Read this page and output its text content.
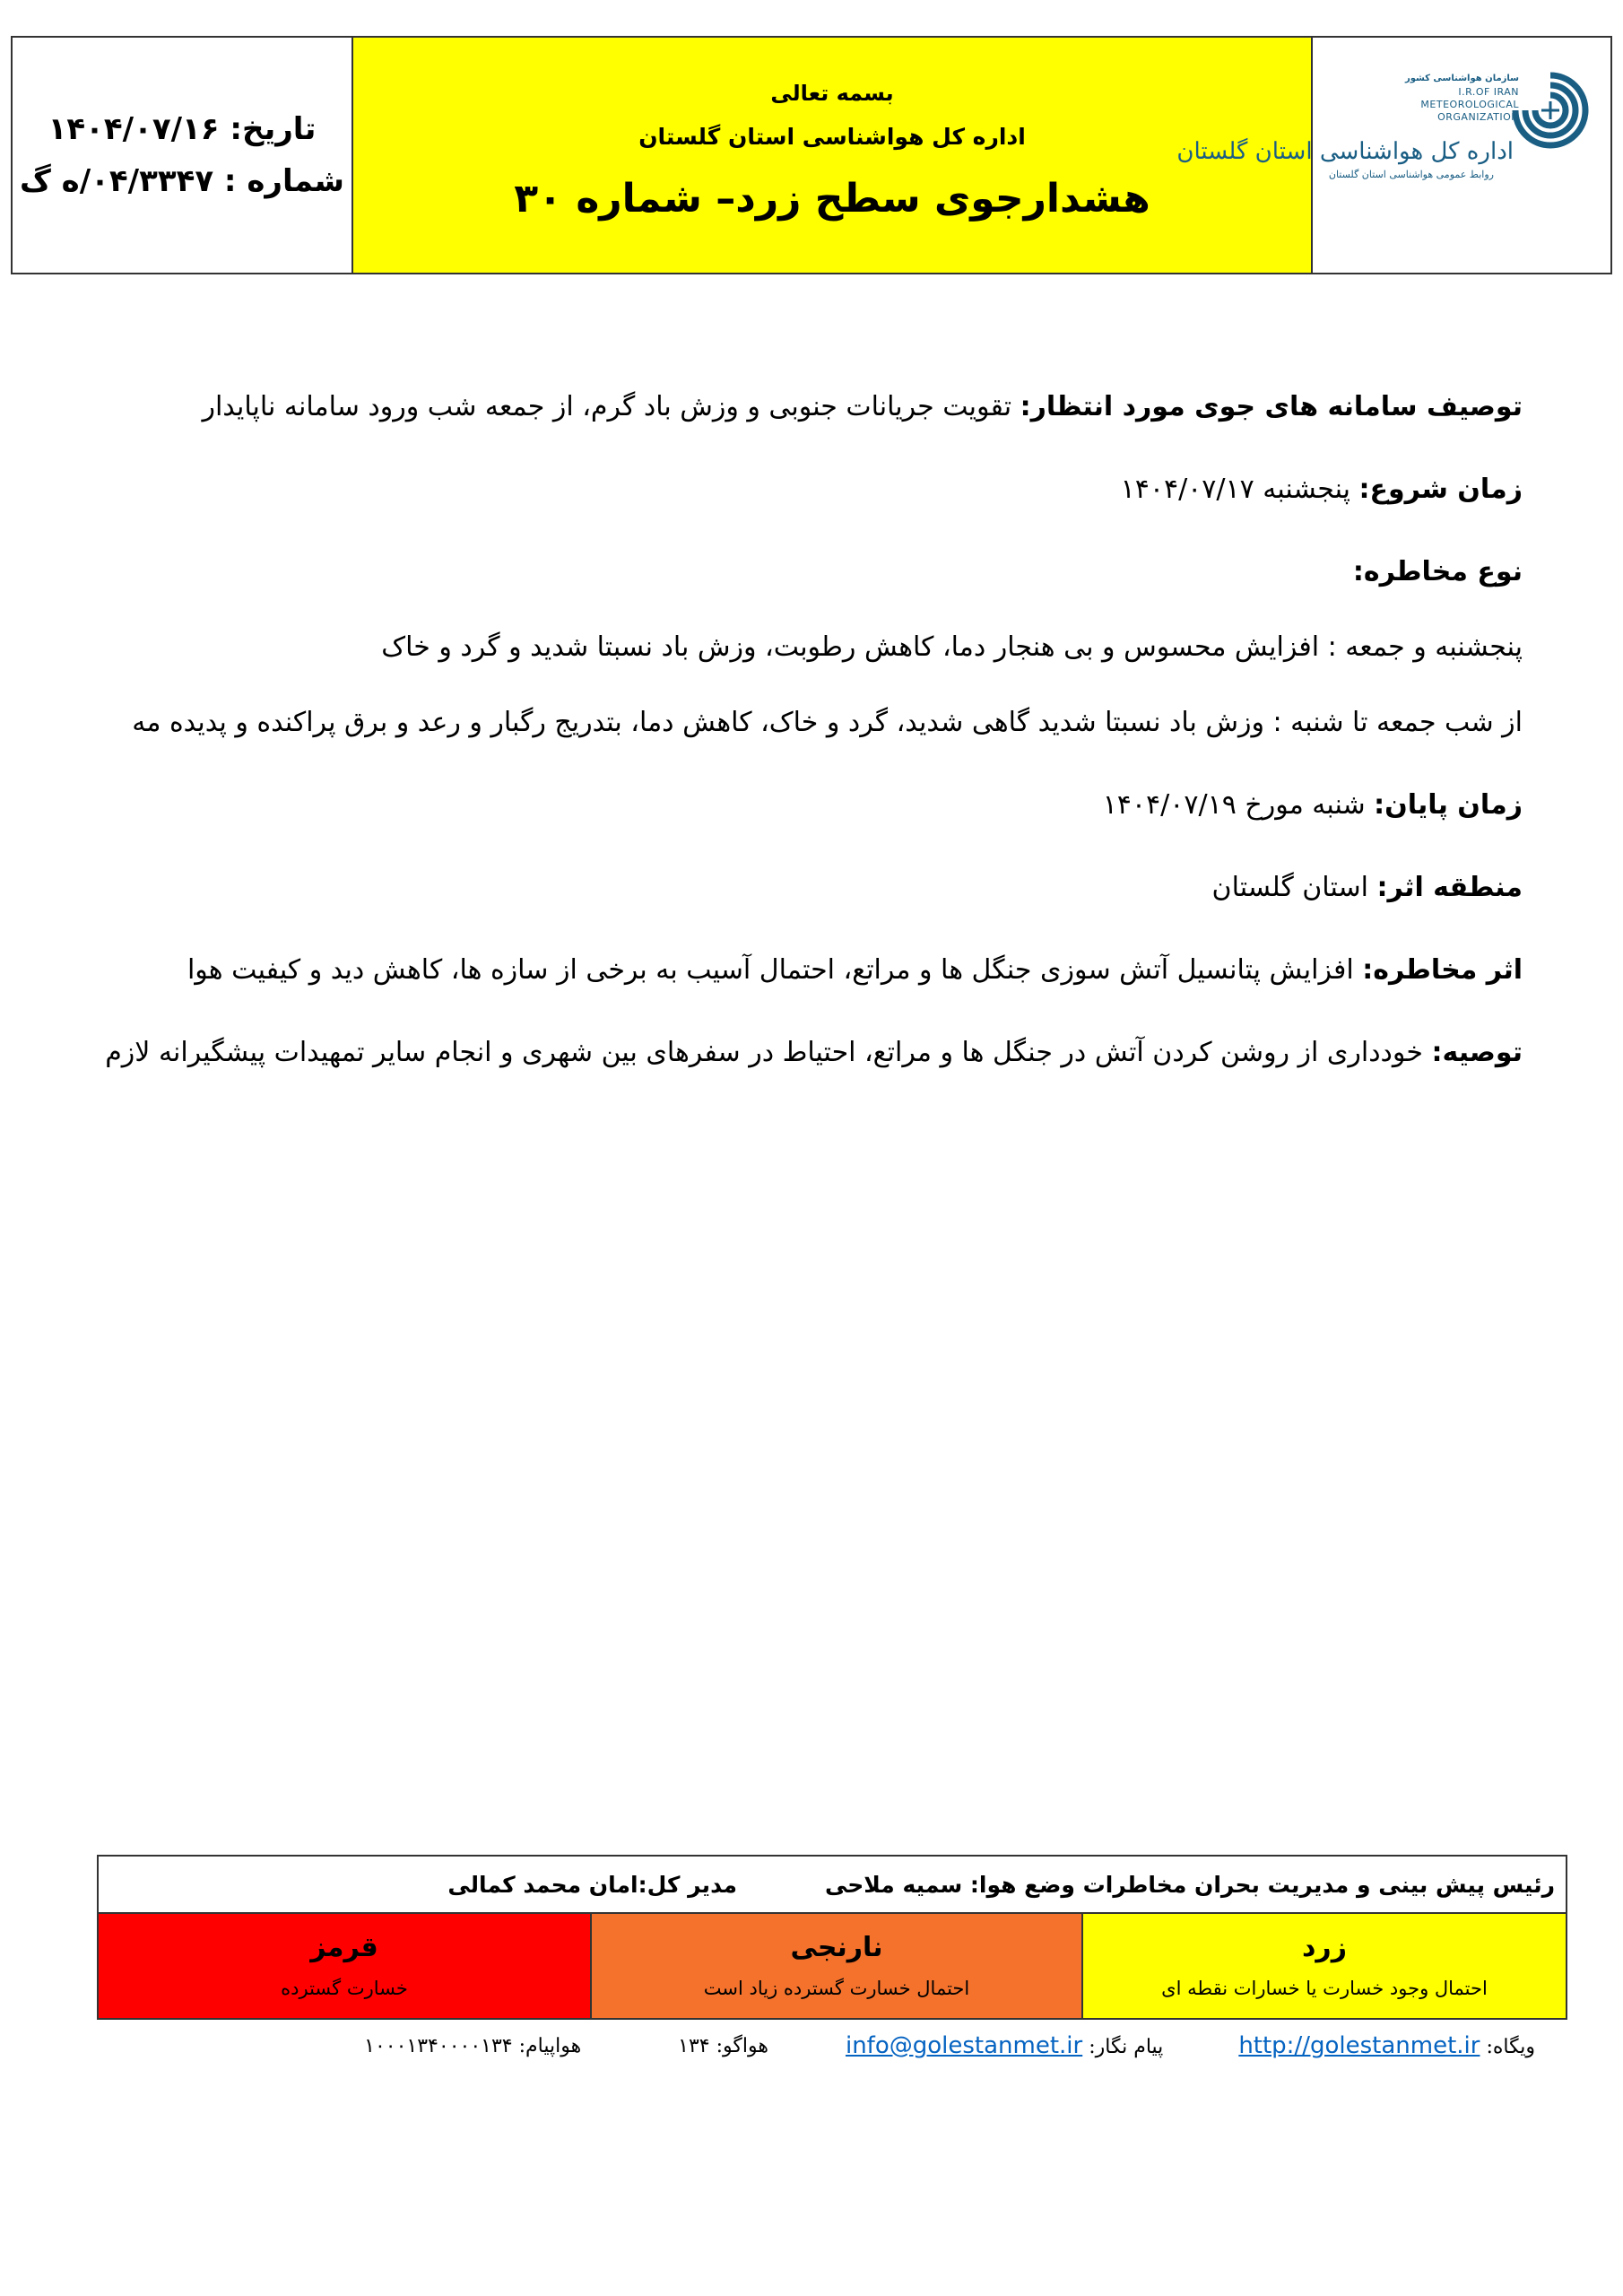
تاریخ: ۱۴۰۴/۰۷/۱۶
شماره : ۰۴/۳۳۴۷/ه گ
بسمه تعالی
اداره کل هواشناسی استان گلستان
هشدارجوی سطح زرد– شماره ۳۰
سازمان هواشناسی کشور
I.R.OF IRAN
METEOROLOGICAL
ORGANIZATION
اداره کل هواشناسی استان گلستان
روابط عمومی هواشناسی استان گلستان

توصیف سامانه های جوی مورد انتظار: تقویت جریانات جنوبی و وزش باد گرم، از جمعه شب ورود سامانه ناپایدار

زمان شروع: پنجشنبه ۱۴۰۴/۰۷/۱۷

نوع مخاطره:

پنجشنبه و جمعه : افزایش محسوس و بی هنجار دما، کاهش رطوبت، وزش باد نسبتا شدید و گرد و خاک

از شب جمعه تا شنبه : وزش باد نسبتا شدید گاهی شدید، گرد و خاک، کاهش دما، بتدریج رگبار و رعد و برق پراکنده و پدیده مه

زمان پایان: شنبه مورخ ۱۴۰۴/۰۷/۱۹

منطقه اثر: استان گلستان

اثر مخاطره: افزایش پتانسیل آتش سوزی جنگل ها و مراتع، احتمال آسیب به برخی از سازه ها، کاهش دید و کیفیت هوا

توصیه: خودداری از روشن کردن آتش در جنگل ها و مراتع، احتیاط در سفرهای بین شهری و انجام سایر تمهیدات پیشگیرانه لازم

رئیس پیش بینی و مدیریت بحران مخاطرات وضع هوا: سمیه ملاحی
مدیر کل:امان محمد کمالی
زرد
احتمال وجود خسارت یا خسارات نقطه ای
نارنجی
احتمال خسارت گسترده زیاد است
قرمز
خسارت گسترده
ویگاه: http://golestanmet.ir
پیام نگار: info@golestanmet.ir
هواگو: ۱۳۴
هواپیام: ۱۰۰۰۱۳۴۰۰۰۰۱۳۴
